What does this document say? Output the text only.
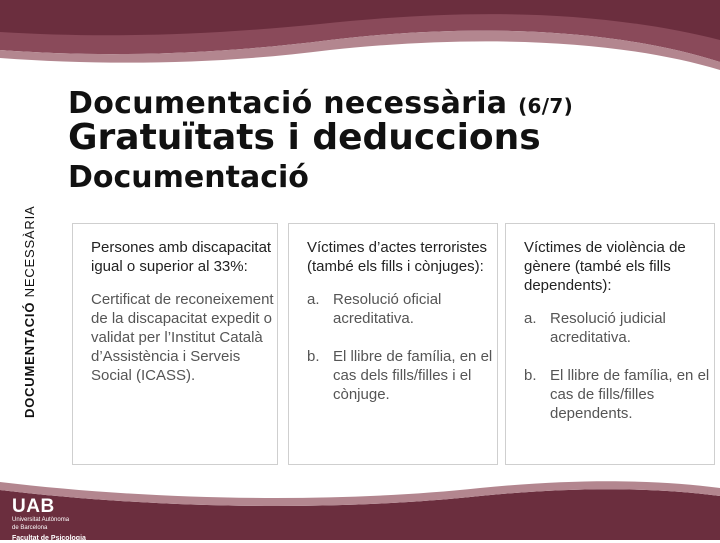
Documentació necessària (6/7)
Gratuïtats i deduccions
Documentació
DOCUMENTACIÓ NECESSÀRIA	Persones amb discapacitat igual o superior al 33%:
Certificat de reconeixement de la discapacitat expedit o validat per l’Institut Català d’Assistència i Serveis Social (ICASS).
Víctimes d’actes terroristes (també els fills i cònjuges):
a. Resolució oficial acreditativa.
b. El llibre de família, en el cas dels fills/filles i el cònjuge.
Víctimes de violència de gènere (també els fills dependents):
a. Resolució judicial acreditativa.
b. El llibre de família, en el cas de fills/filles dependents.
UAB
Universitat Autònoma
de Barcelona
Facultat de Psicologia
